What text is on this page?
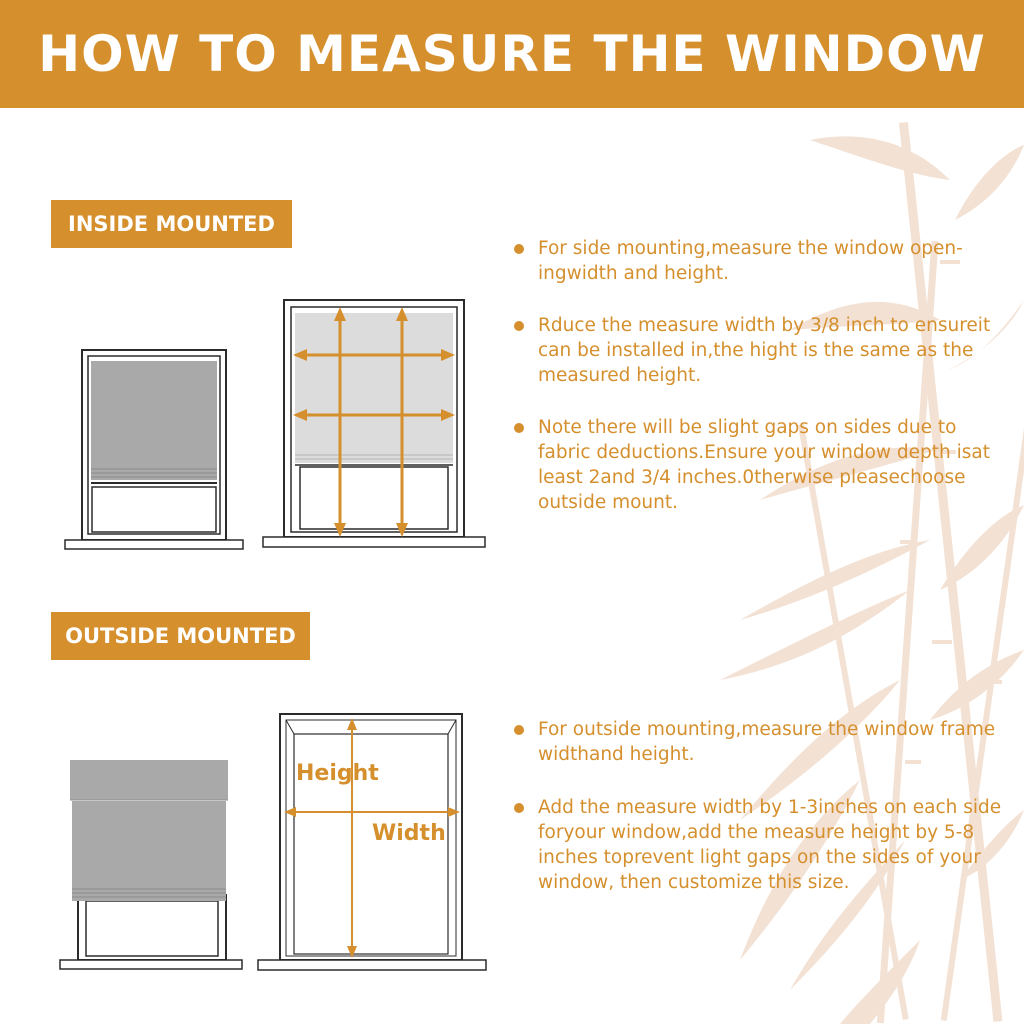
HOW TO MEASURE THE WINDOW
INSIDE MOUNTED
For side mounting,measure the window open-ingwidth and height.
Rduce the measure width by 3/8 inch to ensureit can be installed in,the hight is the same as the measured height.
Note there will be slight gaps on sides due to fabric deductions.Ensure your window depth isat least 2and 3/4 inches.0therwise pleasechoose outside mount.
OUTSIDE MOUNTED
Height
Width
For outside mounting,measure the window frame widthand height.
Add the measure width by 1-3inches on each side foryour window,add the measure height by 5-8 inches toprevent light gaps on the sides of your window, then customize this size.
